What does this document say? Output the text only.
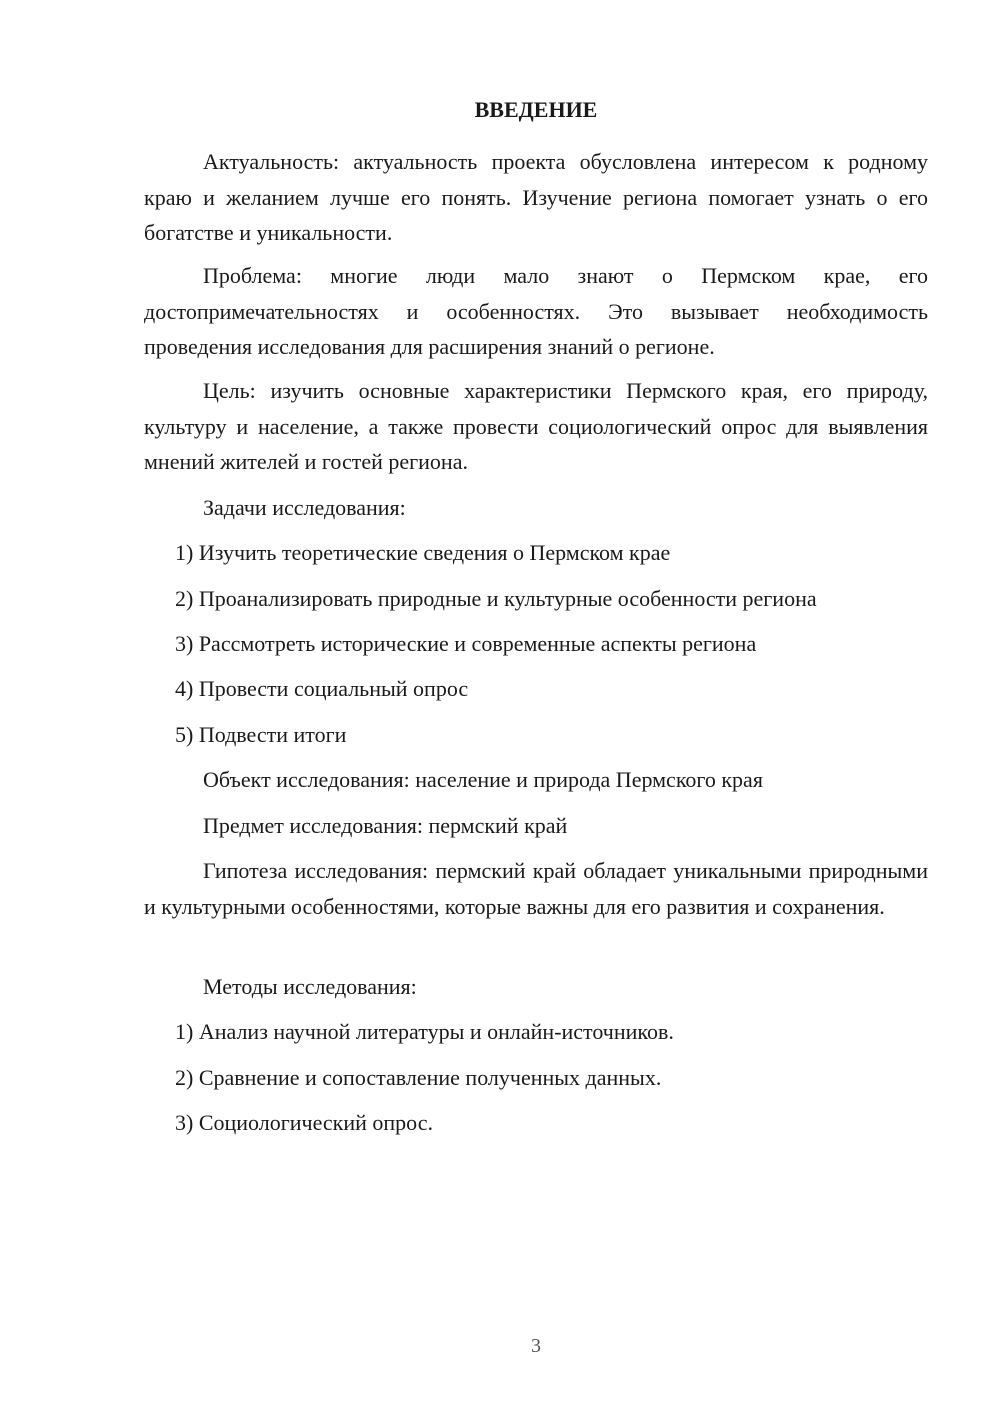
ВВЕДЕНИЕ

Актуальность: актуальность проекта обусловлена интересом к родному краю и желанием лучше его понять. Изучение региона помогает узнать о его богатстве и уникальности.

Проблема: многие люди мало знают о Пермском крае, его достопримечательностях и особенностях. Это вызывает необходимость проведения исследования для расширения знаний о регионе.

Цель: изучить основные характеристики Пермского края, его природу, культуру и население, а также провести социологический опрос для выявления мнений жителей и гостей региона.

Задачи исследования:

1) Изучить теоретические сведения о Пермском крае

2) Проанализировать природные и культурные особенности региона

3) Рассмотреть исторические и современные аспекты региона

4) Провести социальный опрос

5) Подвести итоги

Объект исследования: население и природа Пермского края

Предмет исследования: пермский край

Гипотеза исследования: пермский край обладает уникальными природными и культурными особенностями, которые важны для его развития и сохранения.

Методы исследования:

1) Анализ научной литературы и онлайн-источников.

2) Сравнение и сопоставление полученных данных.

3) Социологический опрос.

3
